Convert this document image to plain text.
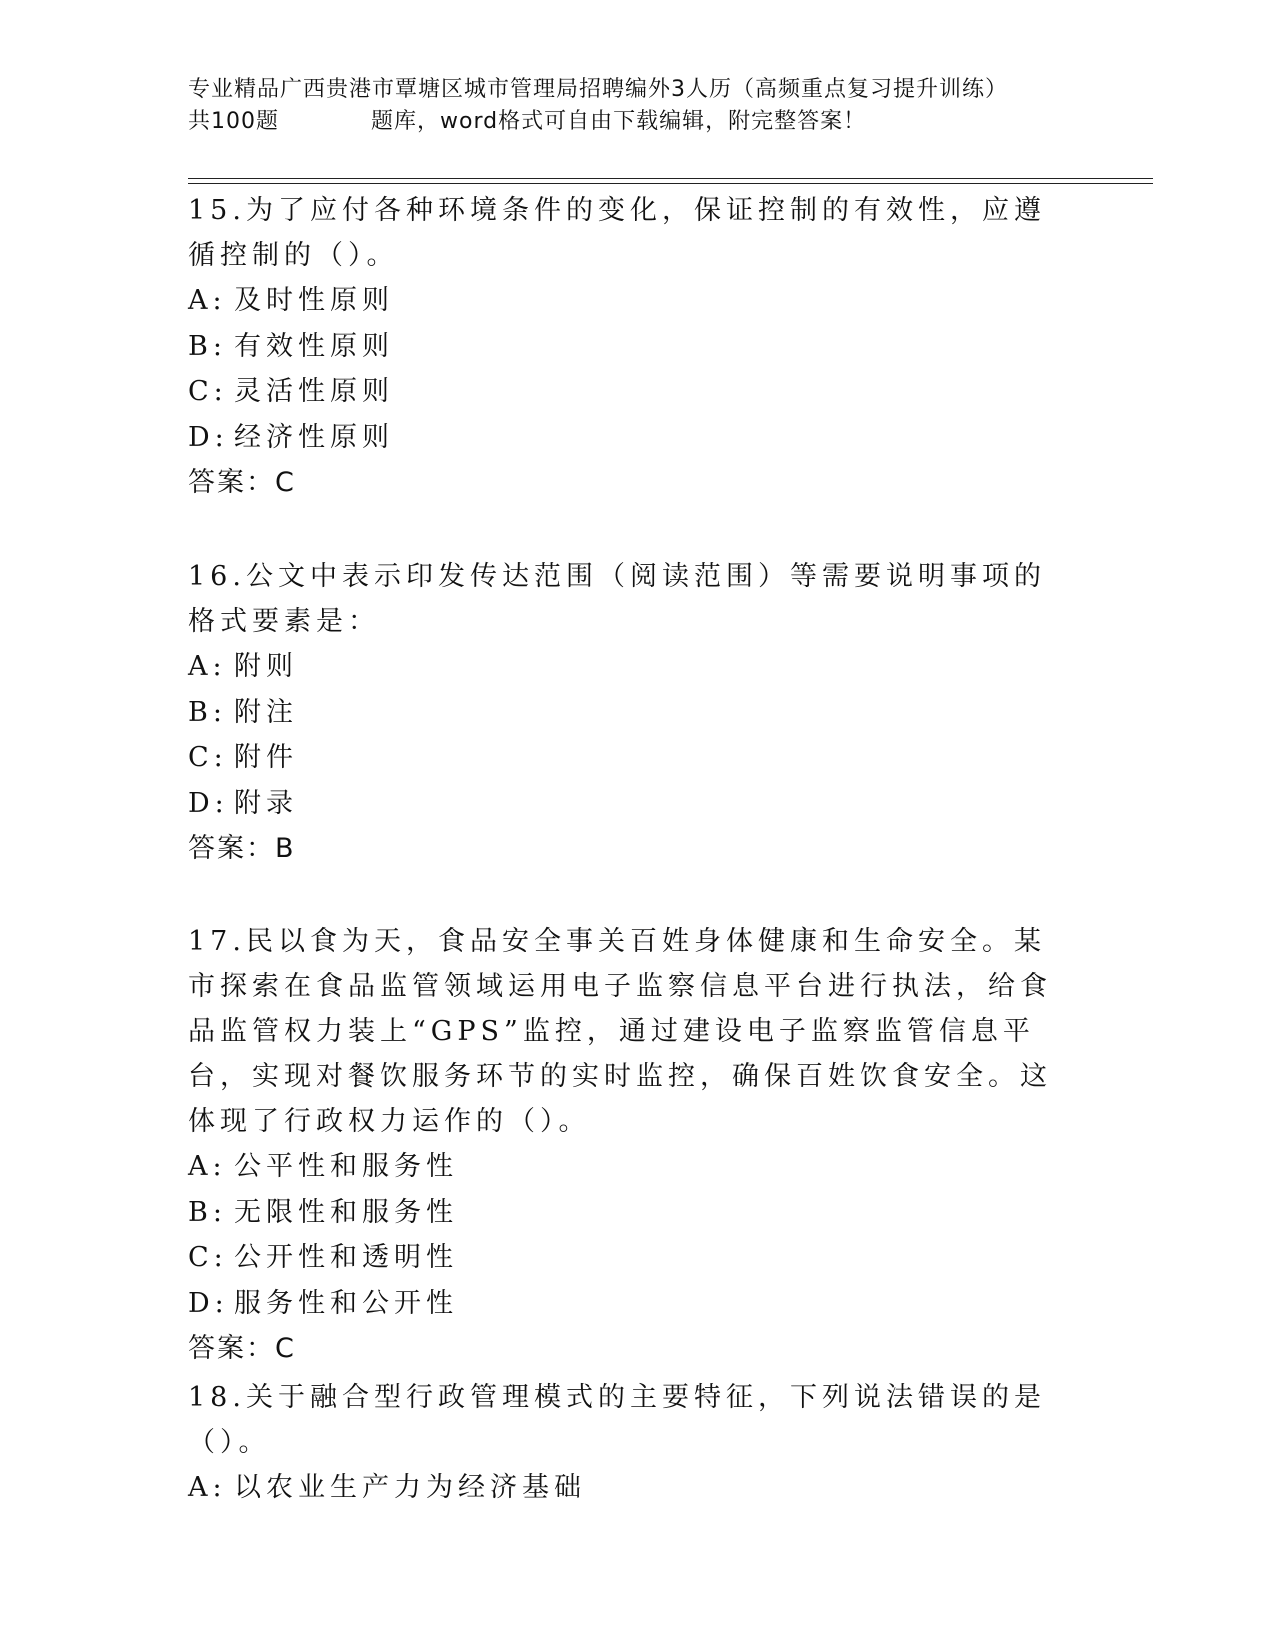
专业精品广西贵港市覃塘区城市管理局招聘编外3人历（高频重点复习提升训练）
共100题	题库，word格式可自由下载编辑，附完整答案！

15.为了应付各种环境条件的变化，保证控制的有效性，应遵循控制的（）。

A: 及时性原则

B: 有效性原则

C: 灵活性原则

D: 经济性原则

答案：C

16.公文中表示印发传达范围（阅读范围）等需要说明事项的格式要素是：

A: 附则

B: 附注

C: 附件

D: 附录

答案：B

17.民以食为天，食品安全事关百姓身体健康和生命安全。某市探索在食品监管领域运用电子监察信息平台进行执法，给食品监管权力装上“GPS”监控，通过建设电子监察监管信息平台，实现对餐饮服务环节的实时监控，确保百姓饮食安全。这体现了行政权力运作的（）。

A: 公平性和服务性

B: 无限性和服务性

C: 公开性和透明性

D: 服务性和公开性

答案：C

18.关于融合型行政管理模式的主要特征，下列说法错误的是（）。

A: 以农业生产力为经济基础
